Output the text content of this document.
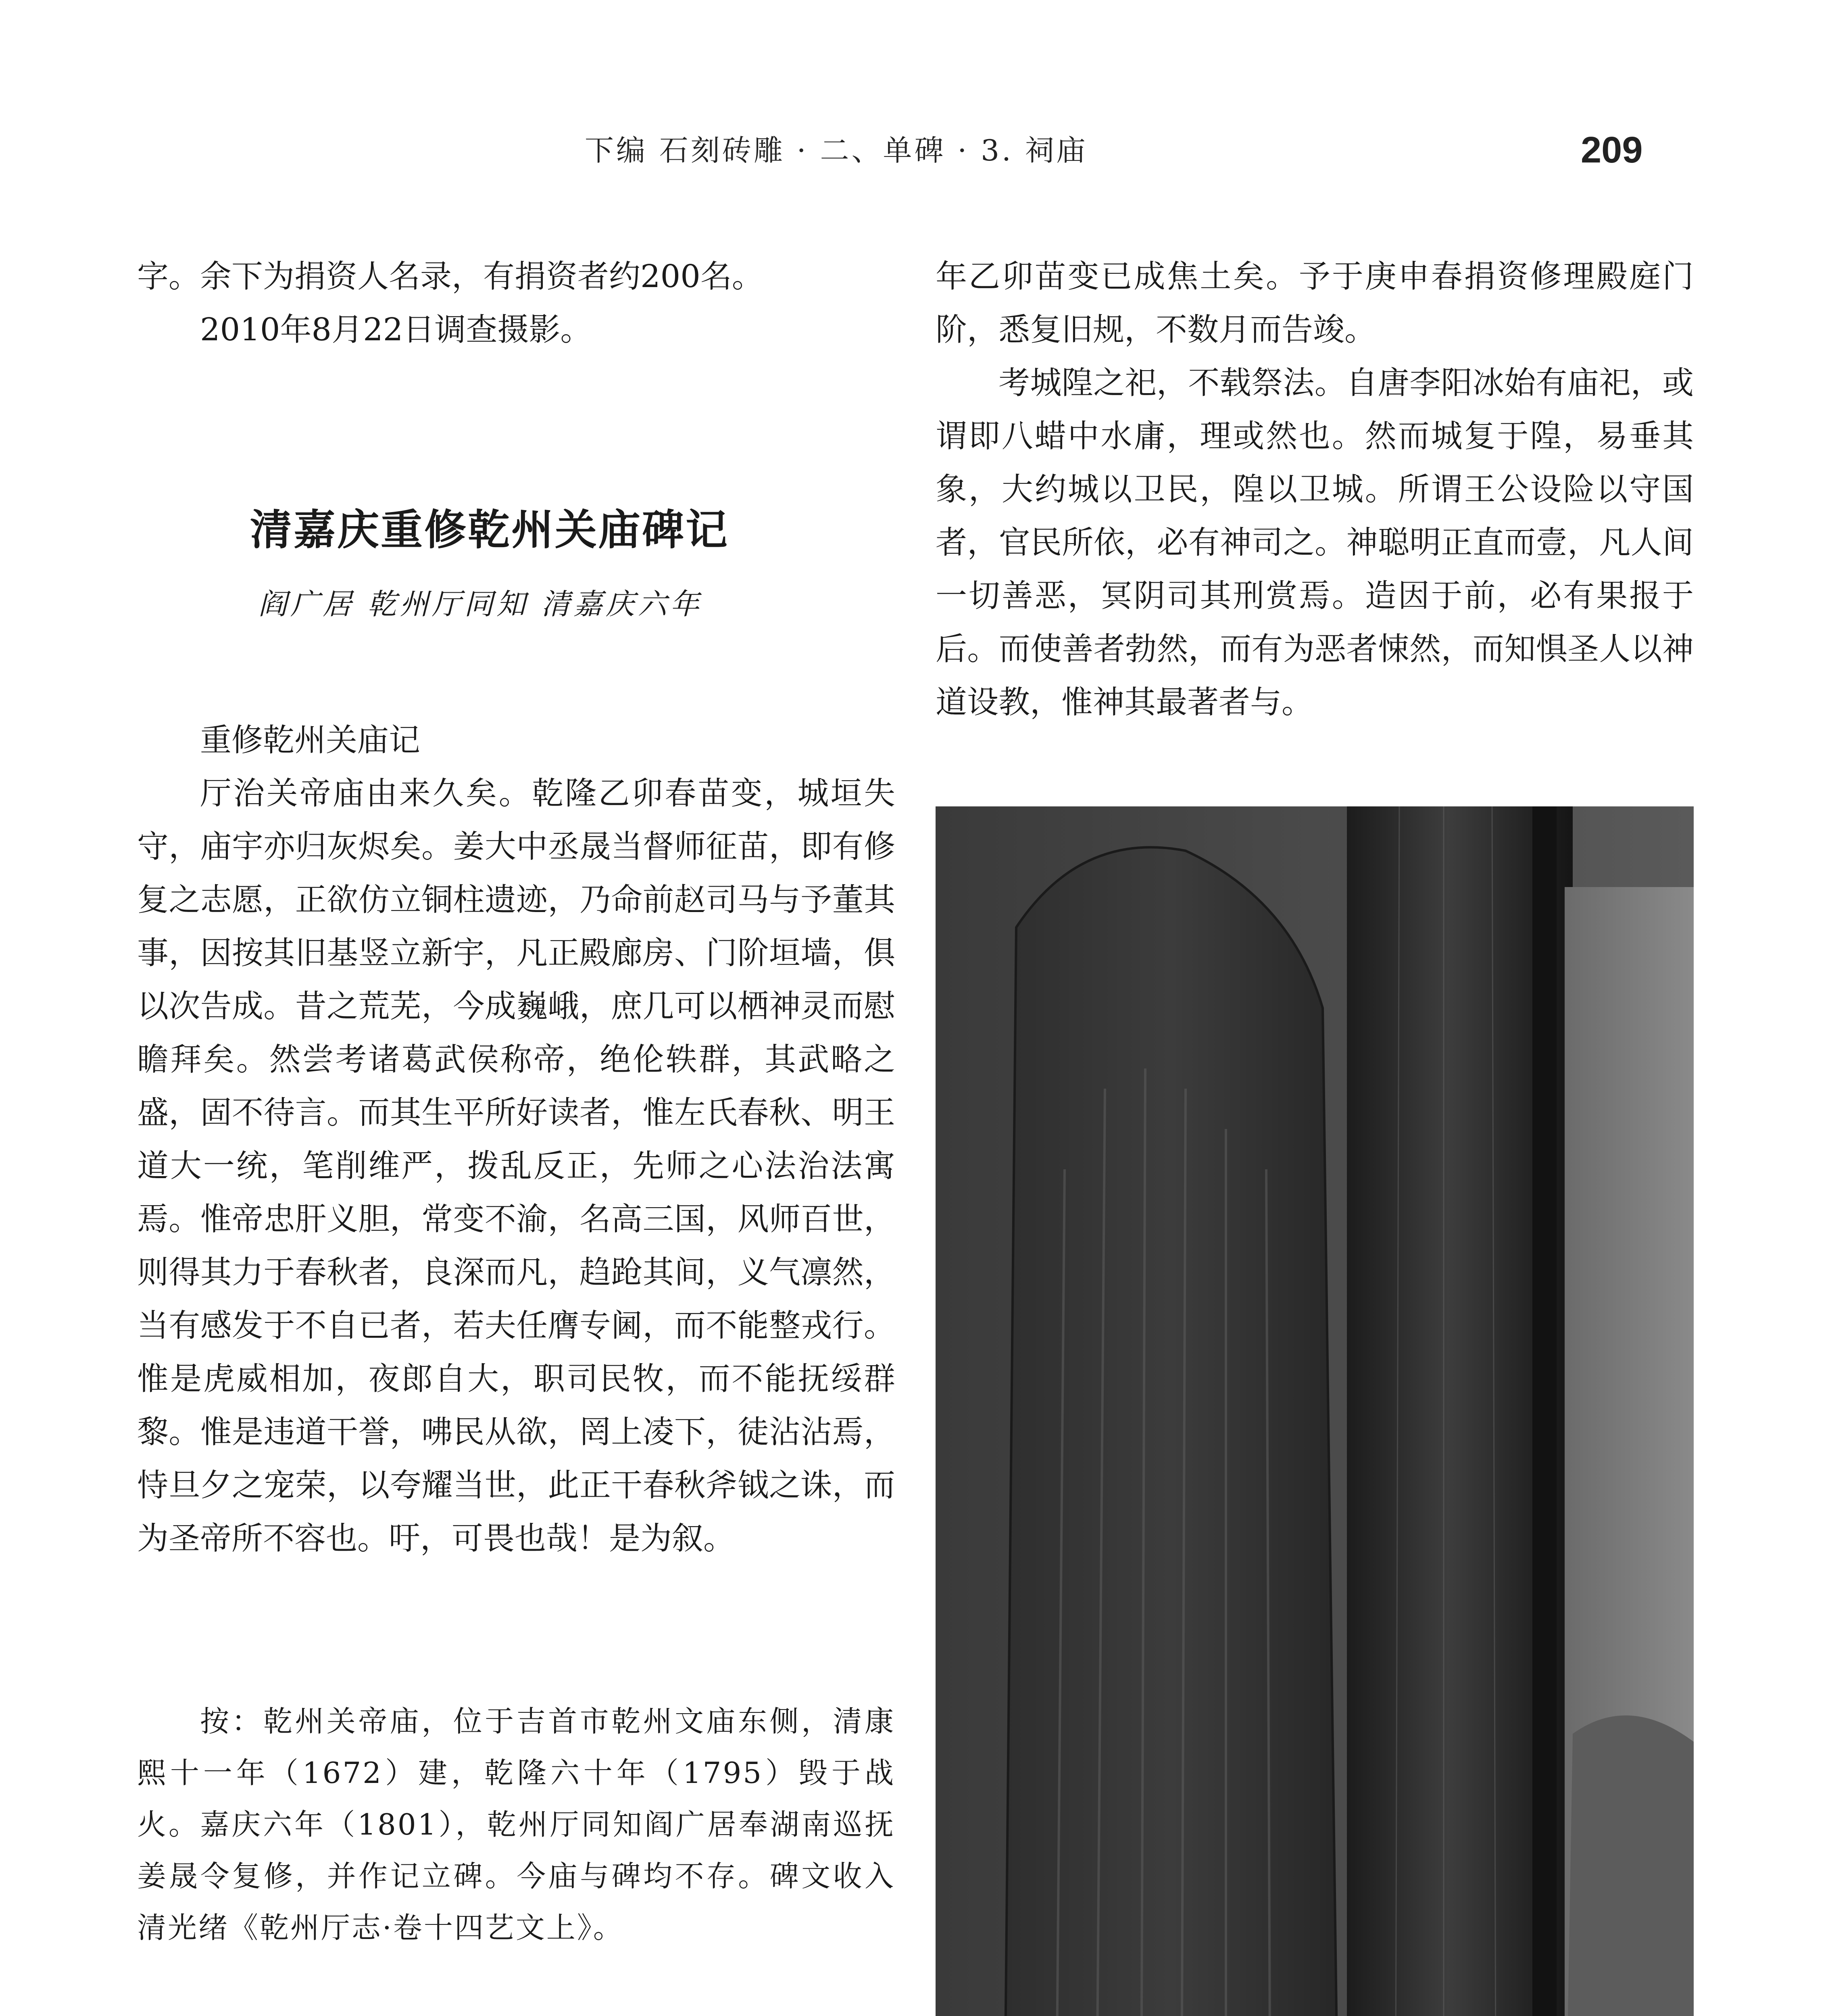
下编 石刻砖雕 · 二、单碑 · 3. 祠庙	209

字。余下为捐资人名录，有捐资者约200名。

2010年8月22日调查摄影。

清嘉庆重修乾州关庙碑记
阎广居 乾州厅同知 清嘉庆六年

重修乾州关庙记

厅治关帝庙由来久矣。乾隆乙卯春苗变，城垣失守，庙宇亦归灰烬矣。姜大中丞晟当督师征苗，即有修复之志愿，正欲仿立铜柱遗迹，乃命前赵司马与予董其事，因按其旧基竖立新宇，凡正殿廊房、门阶垣墙，俱以次告成。昔之荒芜，今成巍峨，庶几可以栖神灵而慰瞻拜矣。然尝考诸葛武侯称帝，绝伦轶群，其武略之盛，固不待言。而其生平所好读者，惟左氏春秋、明王道大一统，笔削维严，拨乱反正，先师之心法治法寓焉。惟帝忠肝义胆，常变不渝，名高三国，风师百世，则得其力于春秋者，良深而凡，趋跄其间，义气凛然，当有感发于不自已者，若夫任膺专阃，而不能整戎行。惟是虎威相加，夜郎自大，职司民牧，而不能抚绥群黎。惟是违道干誉，咈民从欲，罔上凌下，徒沾沾焉，恃旦夕之宠荣，以夸耀当世，此正干春秋斧钺之诛，而为圣帝所不容也。吁，可畏也哉！是为叙。

按：乾州关帝庙，位于吉首市乾州文庙东侧，清康熙十一年（1672）建，乾隆六十年（1795）毁于战火。嘉庆六年（1801），乾州厅同知阎广居奉湖南巡抚姜晟令复修，并作记立碑。今庙与碑均不存。碑文收入清光绪《乾州厅志·卷十四艺文上》。

年乙卯苗变已成焦土矣。予于庚申春捐资修理殿庭门阶，悉复旧规，不数月而告竣。

考城隍之祀，不载祭法。自唐李阳冰始有庙祀，或谓即八蜡中水庸，理或然也。然而城复于隍，易垂其象，大约城以卫民，隍以卫城。所谓王公设险以守国者，官民所依，必有神司之。神聪明正直而壹，凡人间一切善恶，冥阴司其刑赏焉。造因于前，必有果报于后。而使善者勃然，而有为恶者悚然，而知惧圣人以神道设教，惟神其最著者与。
